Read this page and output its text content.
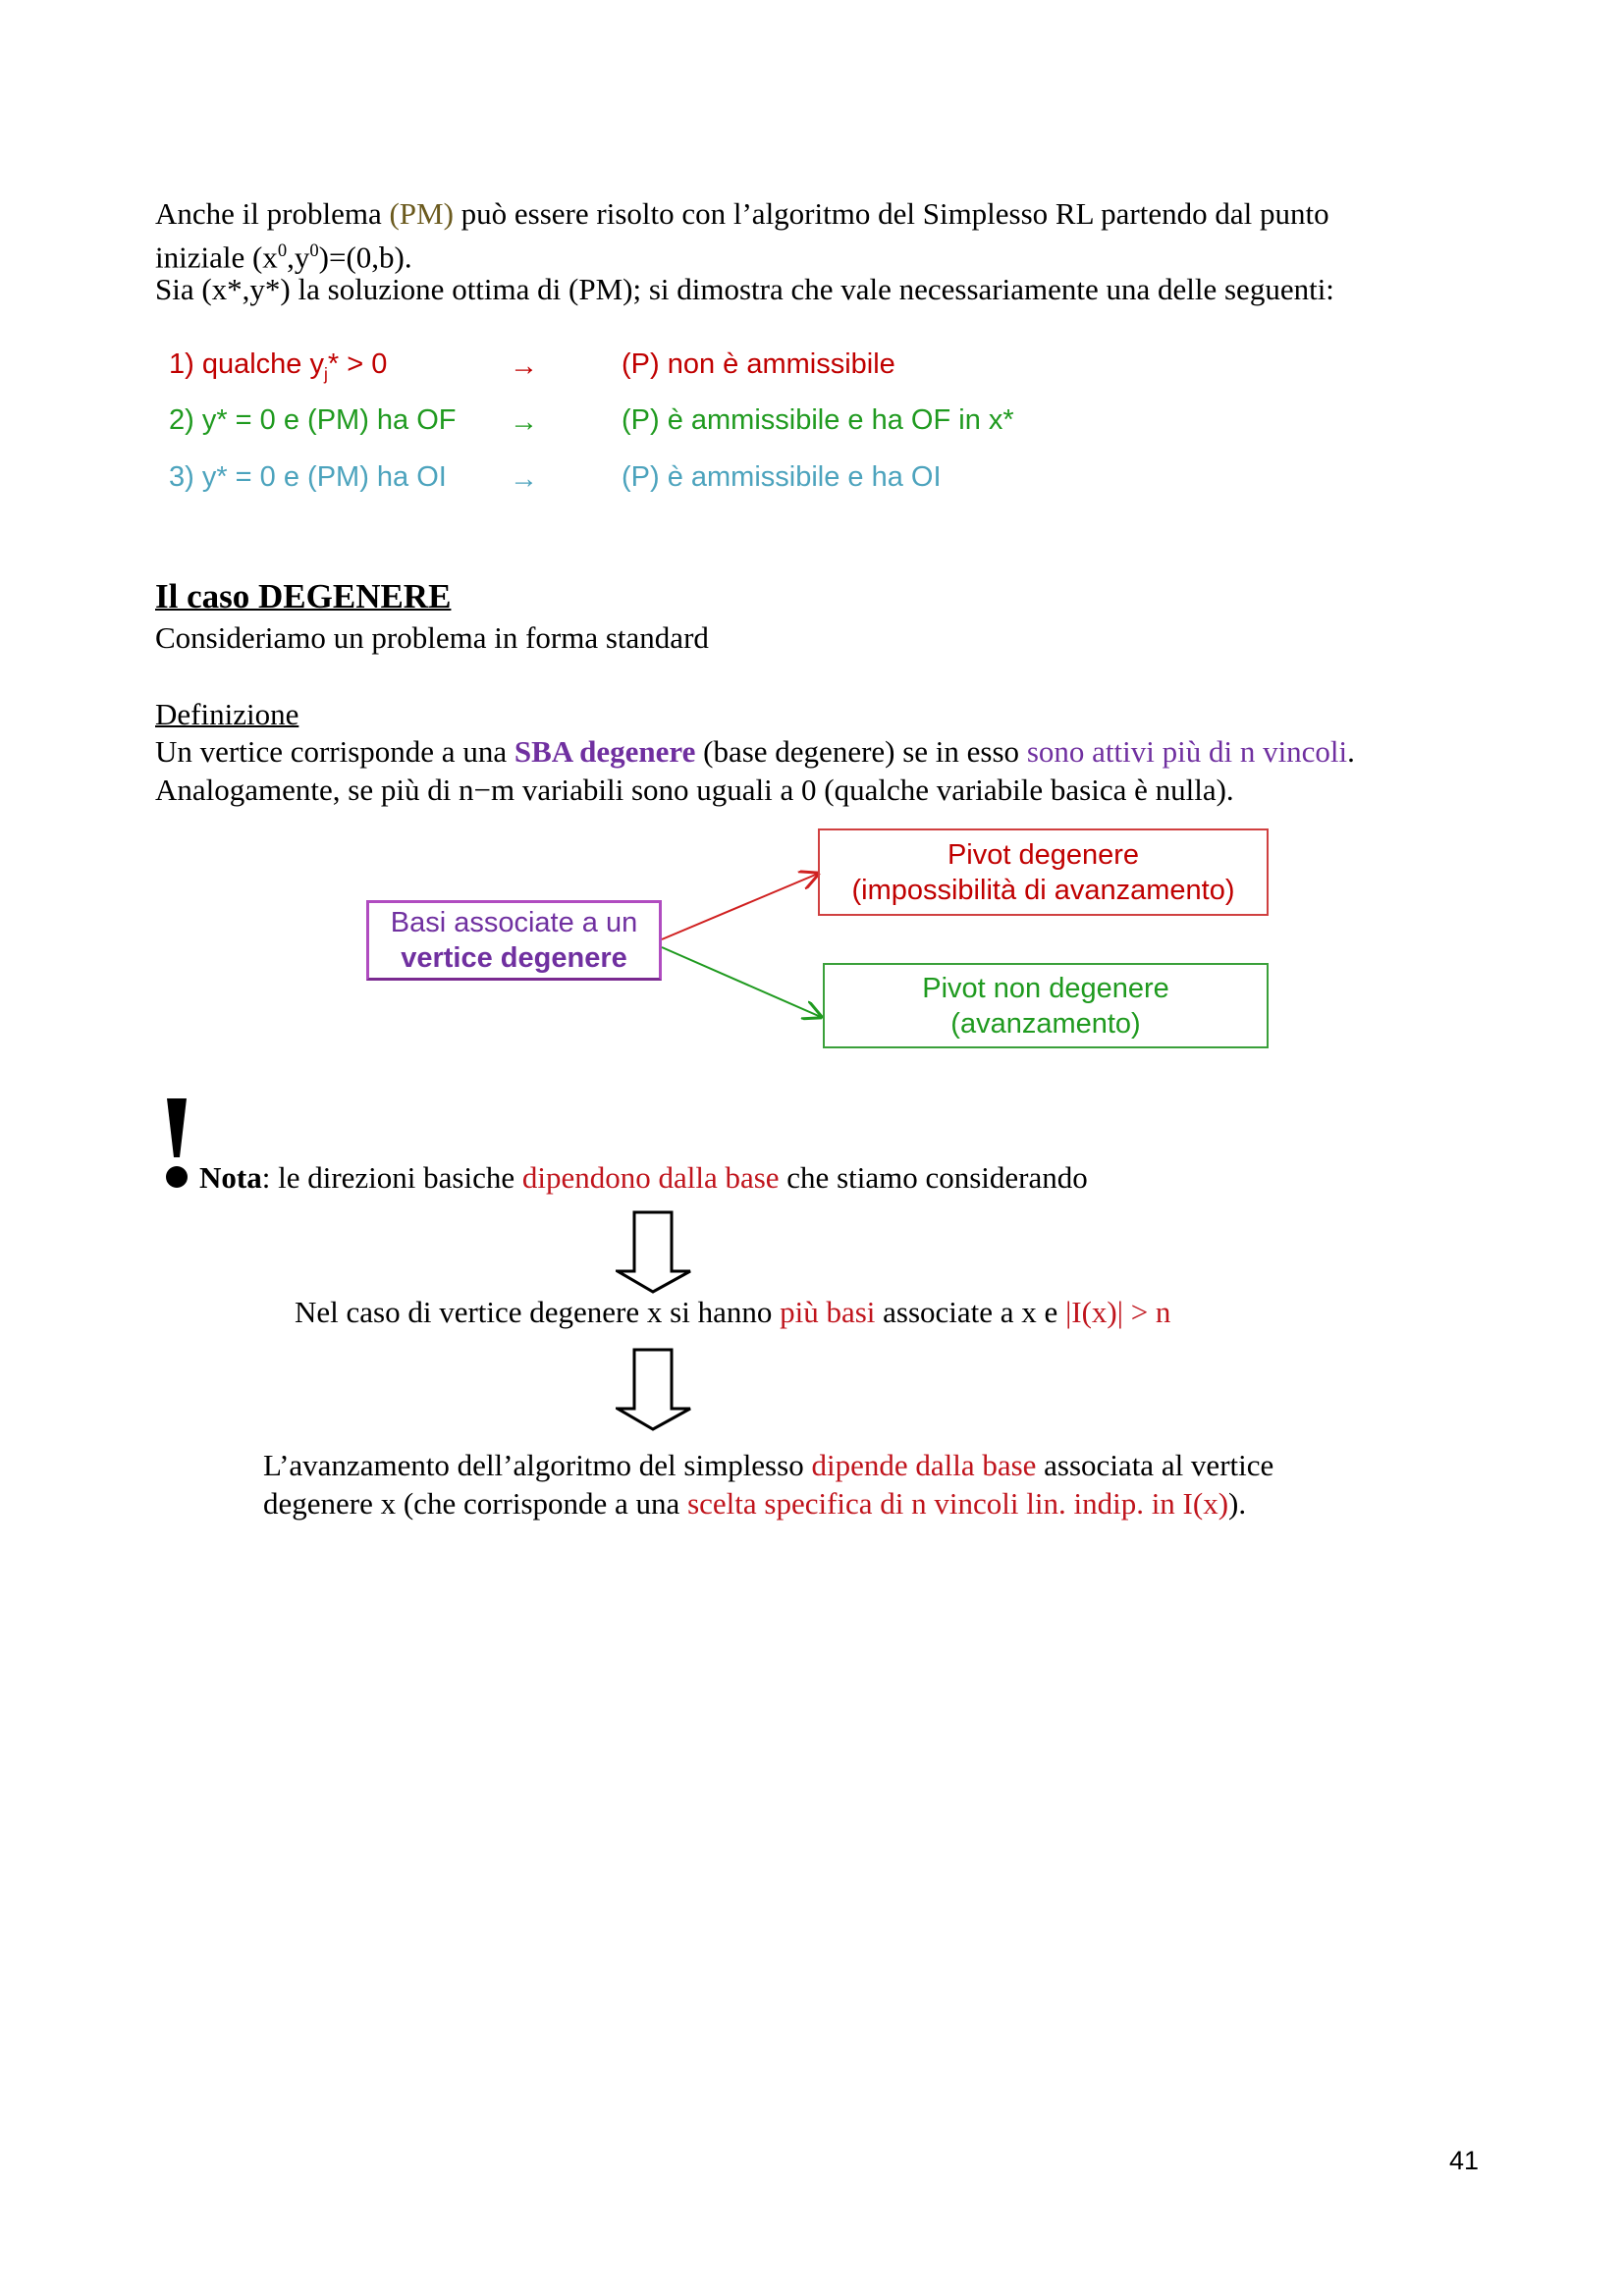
Anche il problema (PM) può essere risolto con l’algoritmo del Simplesso RL partendo dal punto
iniziale $(x^0,y^0)=(0,b)$.
Sia (x*,y*) la soluzione ottima di (PM); si dimostra che vale necessariamente una delle seguenti:
1) qualche $y_j* > 0$	→	(P) non è ammissibile
2) y* = 0 e (PM) ha OF →	(P) è ammissibile e ha OF in x*
3) y* = 0 e (PM) ha OI →	(P) è ammissibile e ha OI
Il caso DEGENERE
Consideriamo un problema in forma standard
Definizione
Un vertice corrisponde a una SBA degenere (base degenere) se in esso sono attivi più di n vincoli.
Analogamente, se più di n−m variabili sono uguali a 0 (qualche variabile basica è nulla).
Basi associate a un
vertice degenere
Pivot degenere
(impossibilità di avanzamento)
Pivot non degenere
(avanzamento)
Nota: le direzioni basiche dipendono dalla base che stiamo considerando
Nel caso di vertice degenere x si hanno più basi associate a x e |I(x)| > n
L’avanzamento dell’algoritmo del simplesso dipende dalla base associata al vertice
degenere x (che corrisponde a una scelta specifica di n vincoli lin. indip. in I(x)).
41
